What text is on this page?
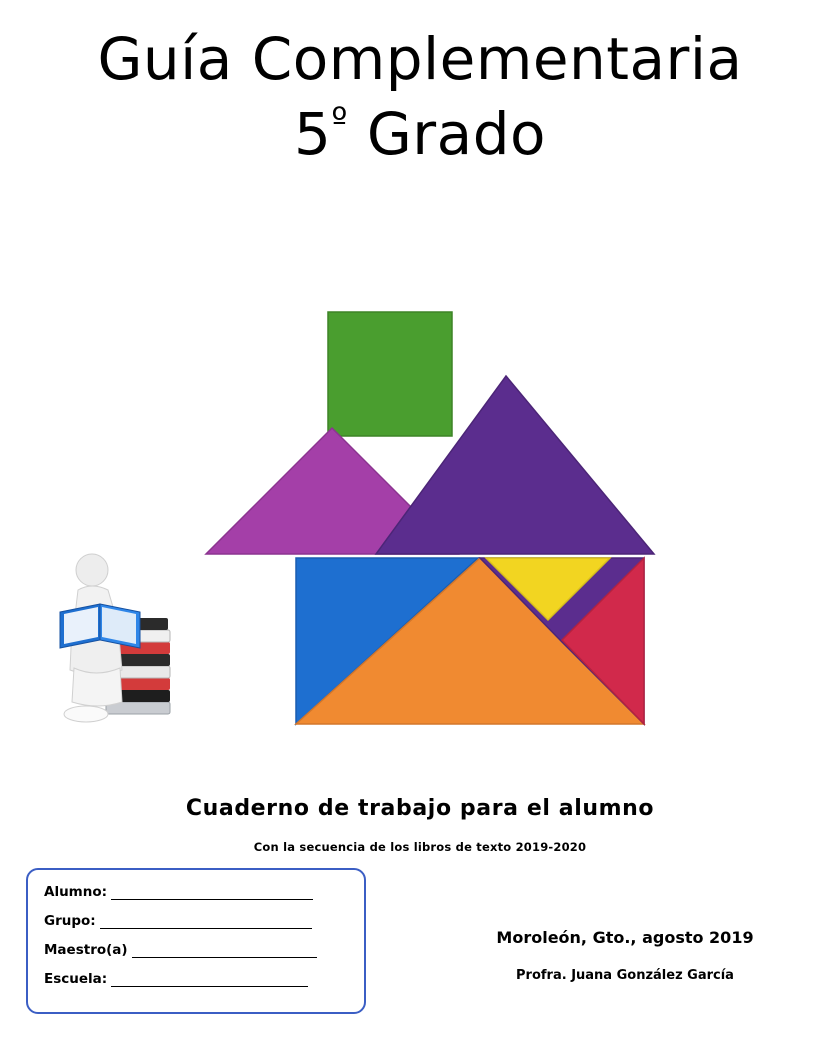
Guía Complementaria
$5^º$ Grado
Cuaderno de trabajo para el alumno
Con la secuencia de los libros de texto 2019-2020
Alumno:
Grupo:
Maestro(a)
Escuela:
Moroleón, Gto., agosto 2019
Profra. Juana González García
